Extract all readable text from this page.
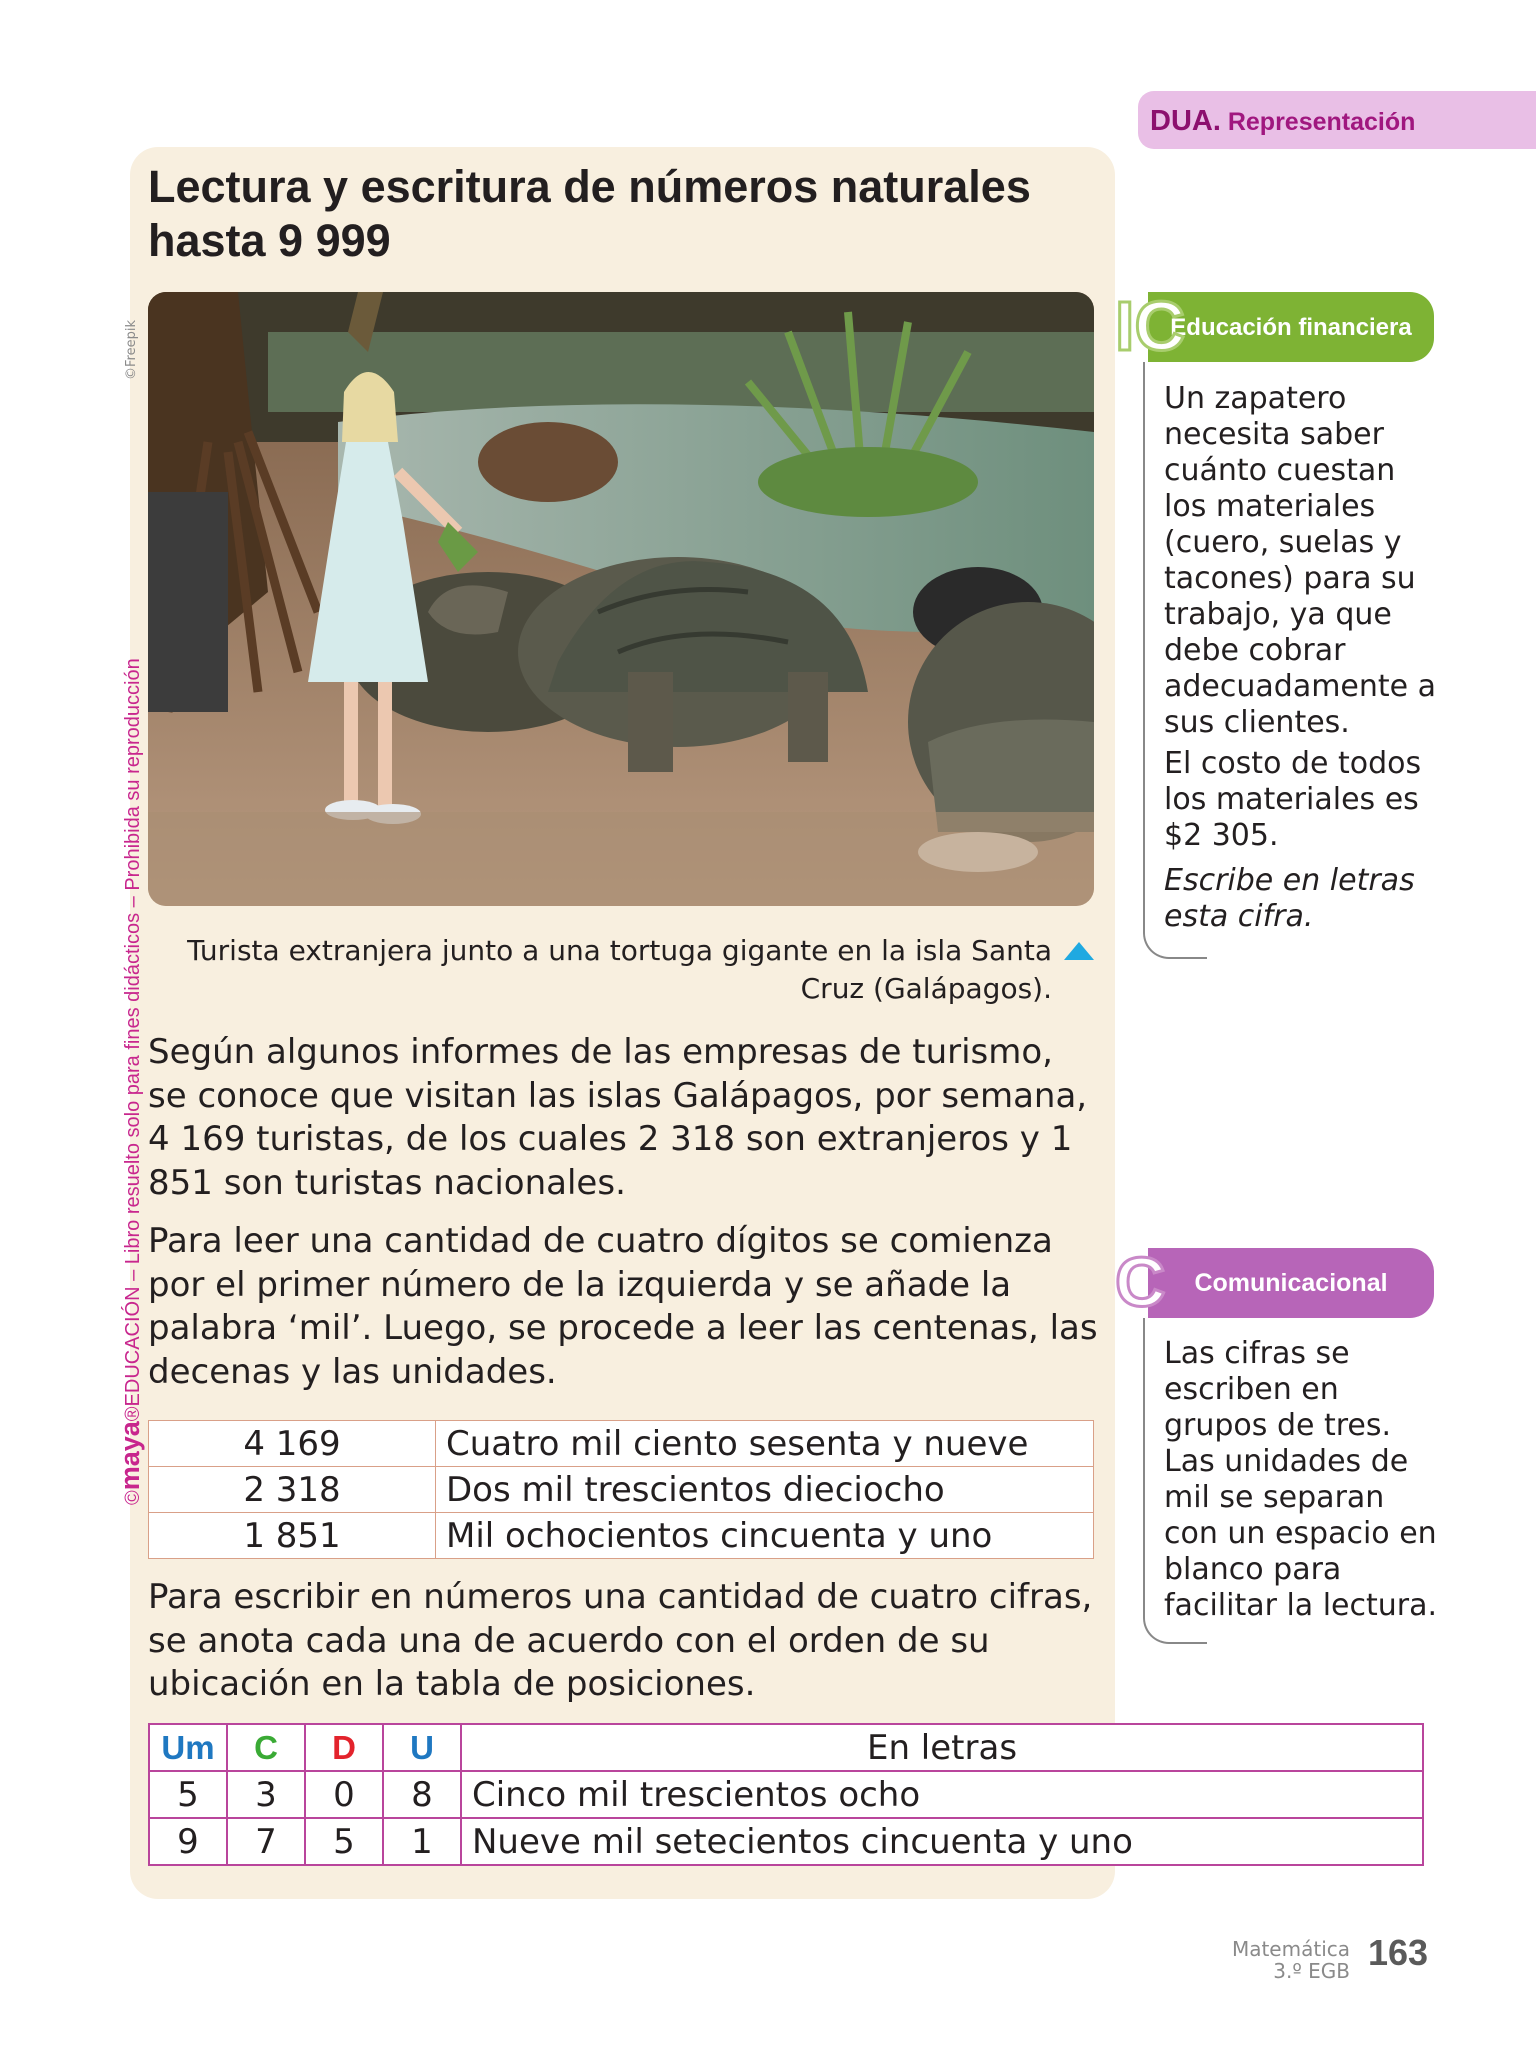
DUA. Representación
Lectura y escritura de números naturales hasta 9 999
©Freepik
Turista extranjera junto a una tortuga gigante en la isla Santa Cruz (Galápagos).

Según algunos informes de las empresas de turismo, se conoce que visitan las islas Galápagos, por semana, 4 169 turistas, de los cuales 2 318 son extranjeros y 1 851 son turistas nacionales.

Para leer una cantidad de cuatro dígitos se comienza por el primer número de la izquierda y se añade la palabra ‘mil’. Luego, se procede a leer las centenas, las decenas y las unidades.

4 169	Cuatro mil ciento sesenta y nueve
2 318	Dos mil trescientos dieciocho
1 851	Mil ochocientos cincuenta y uno

Para escribir en números una cantidad de cuatro cifras, se anota cada una de acuerdo con el orden de su ubicación en la tabla de posiciones.

Um	C	D	U	En letras
5	3	0	8	Cinco mil trescientos ocho
9	7	5	1	Nueve mil setecientos cincuenta y uno
Educación financiera
IC

Un zapatero necesita saber cuánto cuestan los materiales (cuero, suelas y tacones) para su trabajo, ya que debe cobrar adecuadamente a sus clientes.

El costo de todos los materiales es $2 305.

Escribe en letras esta cifra.

Comunicacional
C

Las cifras se escriben en grupos de tres. Las unidades de mil se separan con un espacio en blanco para facilitar la lectura.

©maya®EDUCACIÓN – Libro resuelto solo para fines didácticos – Prohibida su reproducción
Matemática
3.º EGB 163
